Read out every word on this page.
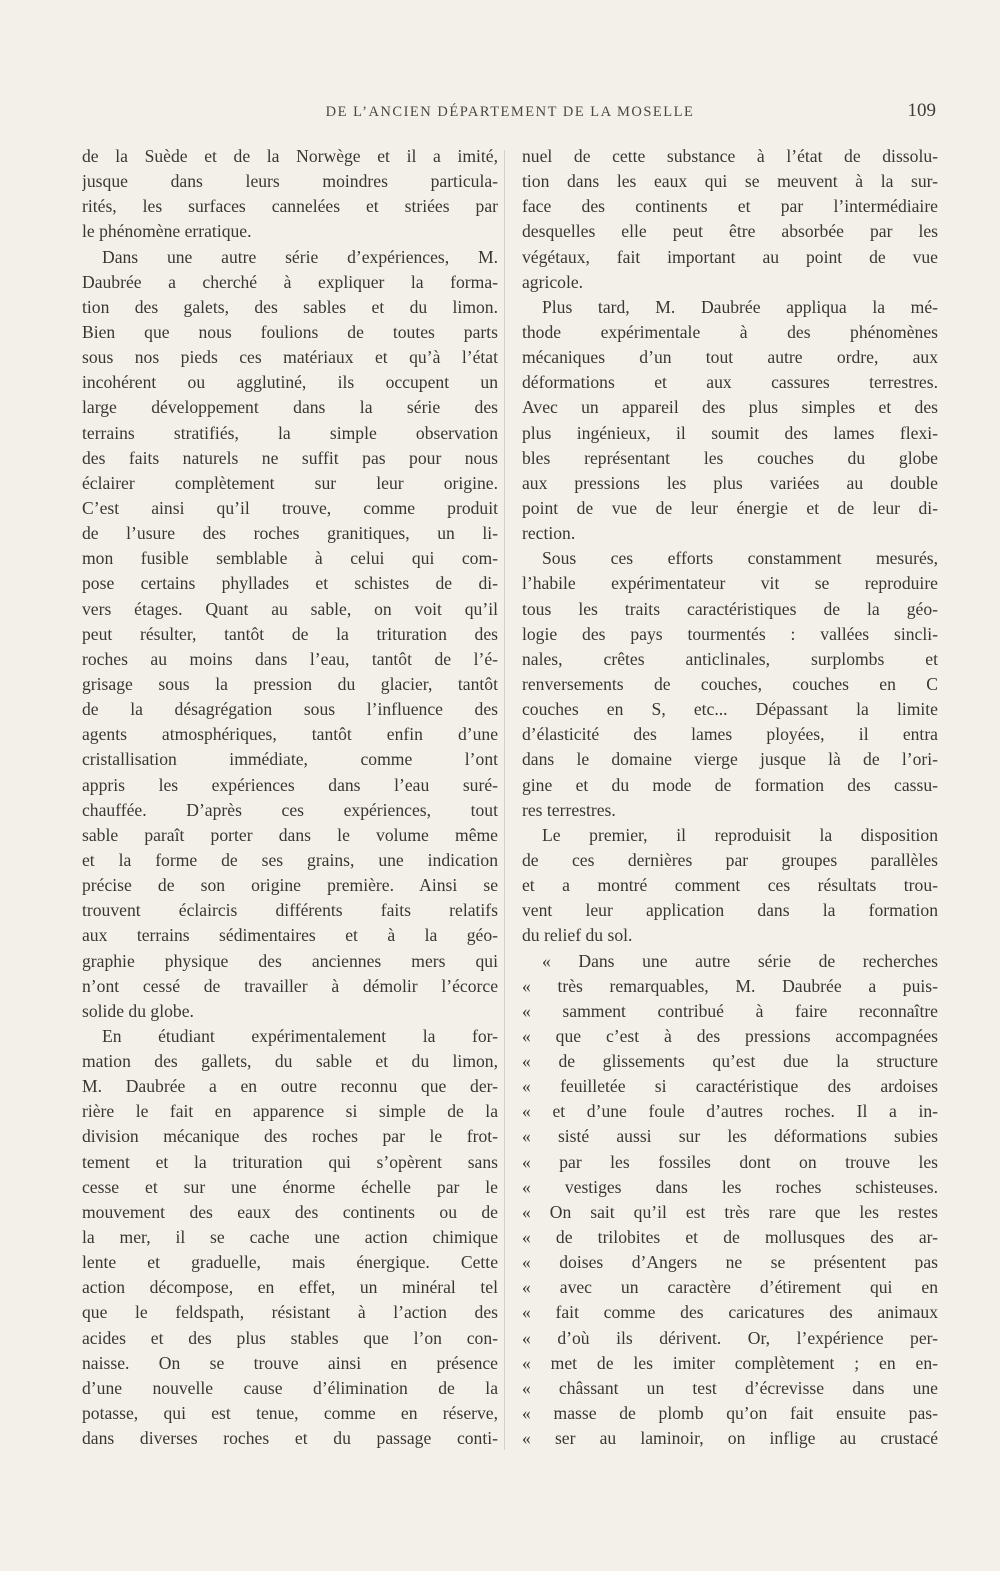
DE L’ANCIEN DÉPARTEMENT DE LA MOSELLE	109
de la Suède et de la Norwège et il a imité,
jusque dans leurs moindres particula-
rités, les surfaces cannelées et striées par
le phénomène erratique.
Dans une autre série d’expériences, M.
Daubrée a cherché à expliquer la forma-
tion des galets, des sables et du limon.
Bien que nous foulions de toutes parts
sous nos pieds ces matériaux et qu’à l’état
incohérent ou agglutiné, ils occupent un
large développement dans la série des
terrains stratifiés, la simple observation
des faits naturels ne suffit pas pour nous
éclairer complètement sur leur origine.
C’est ainsi qu’il trouve, comme produit
de l’usure des roches granitiques, un li-
mon fusible semblable à celui qui com-
pose certains phyllades et schistes de di-
vers étages. Quant au sable, on voit qu’il
peut résulter, tantôt de la trituration des
roches au moins dans l’eau, tantôt de l’é-
grisage sous la pression du glacier, tantôt
de la désagrégation sous l’influence des
agents atmosphériques, tantôt enfin d’une
cristallisation immédiate, comme l’ont
appris les expériences dans l’eau suré-
chauffée. D’après ces expériences, tout
sable paraît porter dans le volume même
et la forme de ses grains, une indication
précise de son origine première. Ainsi se
trouvent éclaircis différents faits relatifs
aux terrains sédimentaires et à la géo-
graphie physique des anciennes mers qui
n’ont cessé de travailler à démolir l’écorce
solide du globe.
En étudiant expérimentalement la for-
mation des gallets, du sable et du limon,
M. Daubrée a en outre reconnu que der-
rière le fait en apparence si simple de la
division mécanique des roches par le frot-
tement et la trituration qui s’opèrent sans
cesse et sur une énorme échelle par le
mouvement des eaux des continents ou de
la mer, il se cache une action chimique
lente et graduelle, mais énergique. Cette
action décompose, en effet, un minéral tel
que le feldspath, résistant à l’action des
acides et des plus stables que l’on con-
naisse. On se trouve ainsi en présence
d’une nouvelle cause d’élimination de la
potasse, qui est tenue, comme en réserve,
dans diverses roches et du passage conti-
nuel de cette substance à l’état de dissolu-
tion dans les eaux qui se meuvent à la sur-
face des continents et par l’intermédiaire
desquelles elle peut être absorbée par les
végétaux, fait important au point de vue
agricole.
Plus tard, M. Daubrée appliqua la mé-
thode expérimentale à des phénomènes
mécaniques d’un tout autre ordre, aux
déformations et aux cassures terrestres.
Avec un appareil des plus simples et des
plus ingénieux, il soumit des lames flexi-
bles représentant les couches du globe
aux pressions les plus variées au double
point de vue de leur énergie et de leur di-
rection.
Sous ces efforts constamment mesurés,
l’habile expérimentateur vit se reproduire
tous les traits caractéristiques de la géo-
logie des pays tourmentés : vallées sincli-
nales, crêtes anticlinales, surplombs et
renversements de couches, couches en C
couches en S, etc... Dépassant la limite
d’élasticité des lames ployées, il entra
dans le domaine vierge jusque là de l’ori-
gine et du mode de formation des cassu-
res terrestres.
Le premier, il reproduisit la disposition
de ces dernières par groupes parallèles
et a montré comment ces résultats trou-
vent leur application dans la formation
du relief du sol.
« Dans une autre série de recherches
« très remarquables, M. Daubrée a puis-
« samment contribué à faire reconnaître
« que c’est à des pressions accompagnées
« de glissements qu’est due la structure
« feuilletée si caractéristique des ardoises
« et d’une foule d’autres roches. Il a in-
« sisté aussi sur les déformations subies
« par les fossiles dont on trouve les
« vestiges dans les roches schisteuses.
« On sait qu’il est très rare que les restes
« de trilobites et de mollusques des ar-
« doises d’Angers ne se présentent pas
« avec un caractère d’étirement qui en
« fait comme des caricatures des animaux
« d’où ils dérivent. Or, l’expérience per-
« met de les imiter complètement ; en en-
« châssant un test d’écrevisse dans une
« masse de plomb qu’on fait ensuite pas-
« ser au laminoir, on inflige au crustacé
